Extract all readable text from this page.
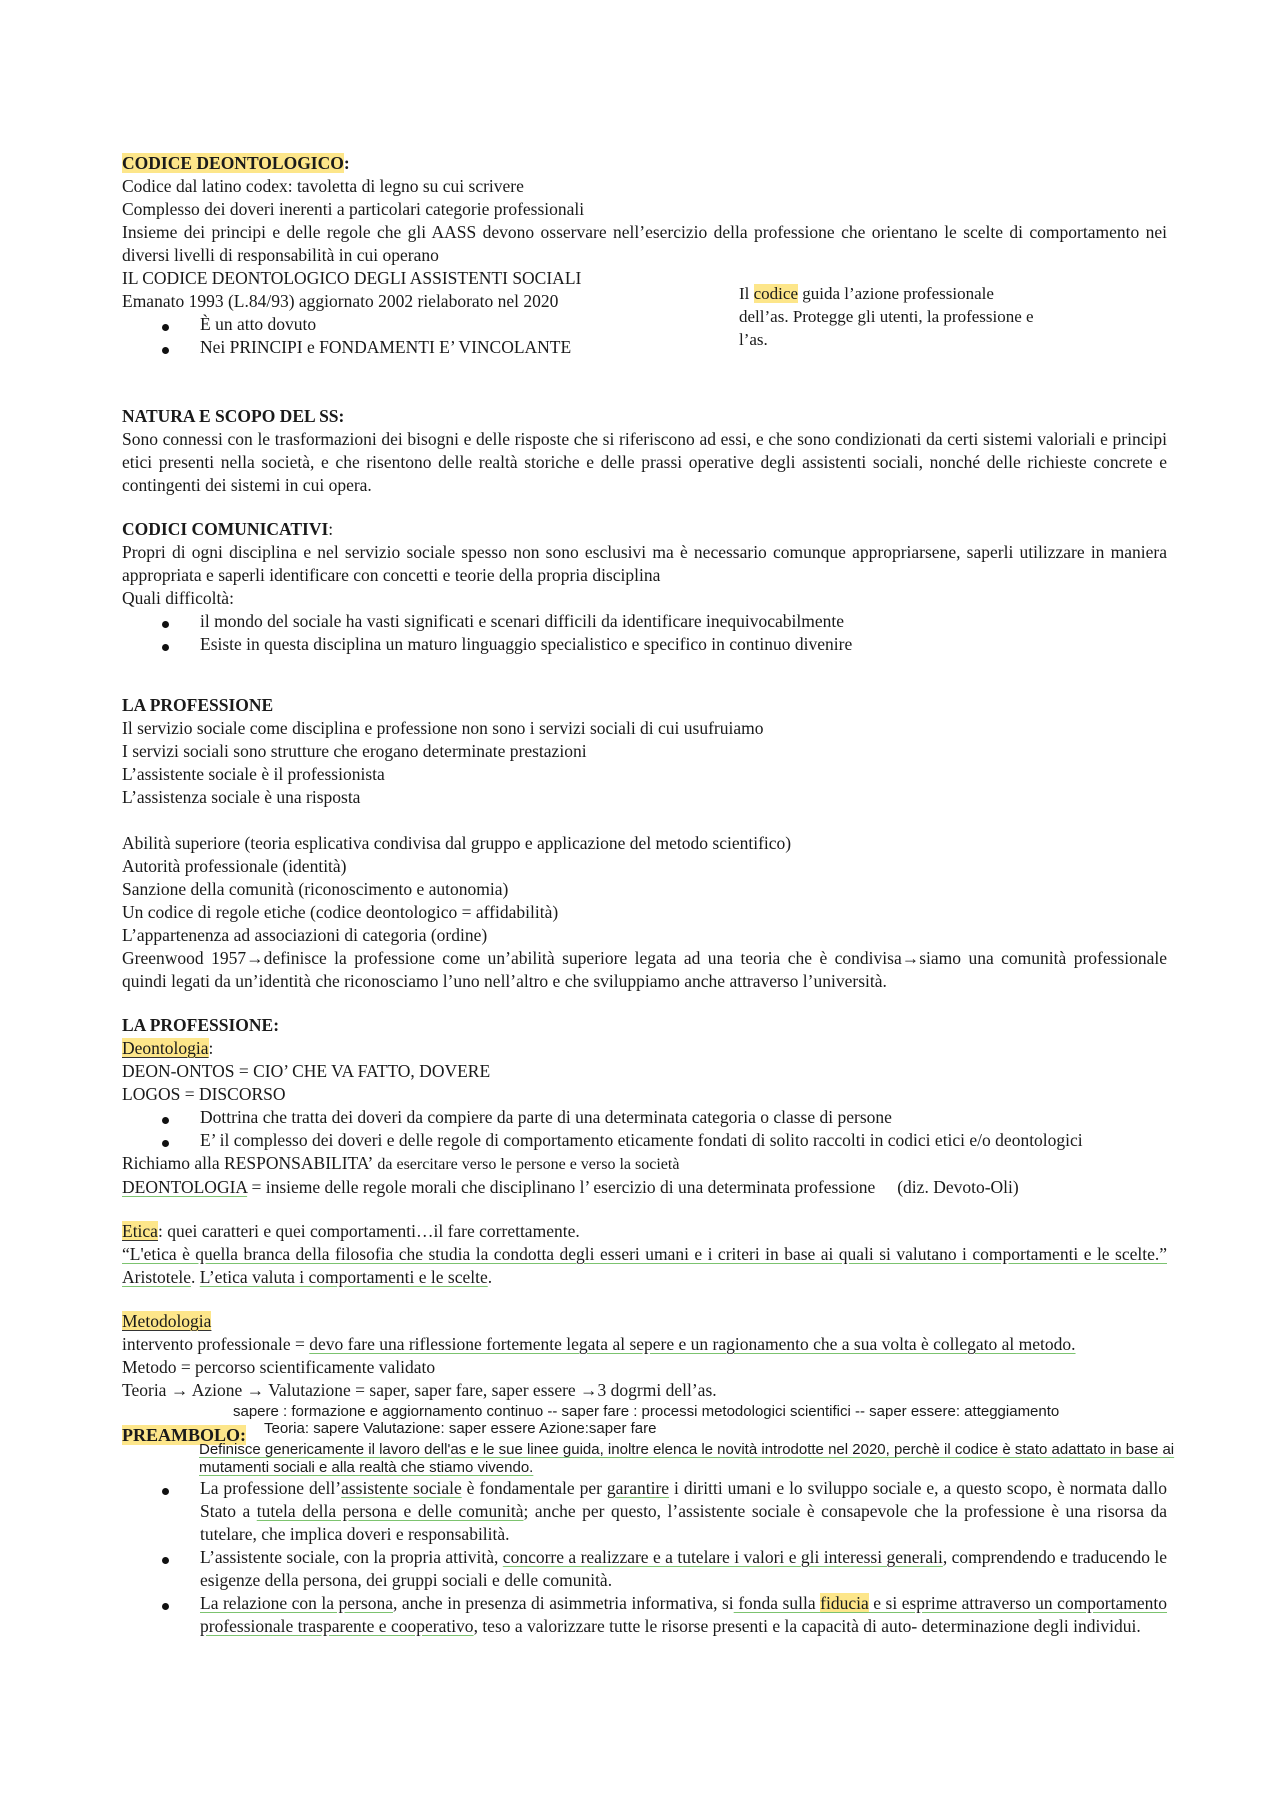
CODICE DEONTOLOGICO:
Codice dal latino codex: tavoletta di legno su cui scrivere
Complesso dei doveri inerenti a particolari categorie professionali
Insieme dei principi e delle regole che gli AASS devono osservare nell’esercizio della professione che orientano le scelte di comportamento nei diversi livelli di responsabilità in cui operano
IL CODICE DEONTOLOGICO DEGLI ASSISTENTI SOCIALI
Emanato 1993 (L.84/93) aggiornato 2002 rielaborato nel 2020
È un atto dovuto
Nei PRINCIPI e FONDAMENTI E’ VINCOLANTE
Il codice guida l’azione professionale dell’as. Protegge gli utenti, la professione e l’as.
NATURA E SCOPO DEL SS:
Sono connessi con le trasformazioni dei bisogni e delle risposte che si riferiscono ad essi, e che sono condizionati da certi sistemi valoriali e principi etici presenti nella società, e che risentono delle realtà storiche e delle prassi operative degli assistenti sociali, nonché delle richieste concrete e contingenti dei sistemi in cui opera.
CODICI COMUNICATIVI:
Propri di ogni disciplina e nel servizio sociale spesso non sono esclusivi ma è necessario comunque appropriarsene, saperli utilizzare in maniera appropriata e saperli identificare con concetti e teorie della propria disciplina
Quali difficoltà:
il mondo del sociale ha vasti significati e scenari difficili da identificare inequivocabilmente
Esiste in questa disciplina un maturo linguaggio specialistico e specifico in continuo divenire
LA PROFESSIONE
Il servizio sociale come disciplina e professione non sono i servizi sociali di cui usufruiamo
I servizi sociali sono strutture che erogano determinate prestazioni
L’assistente sociale è il professionista
L’assistenza sociale è una risposta
Abilità superiore (teoria esplicativa condivisa dal gruppo e applicazione del metodo scientifico)
Autorità professionale (identità)
Sanzione della comunità (riconoscimento e autonomia)
Un codice di regole etiche (codice deontologico = affidabilità)
L’appartenenza ad associazioni di categoria (ordine)
Greenwood 1957→definisce la professione come un’abilità superiore legata ad una teoria che è condivisa→siamo una comunità professionale quindi legati da un’identità che riconosciamo l’uno nell’altro e che sviluppiamo anche attraverso l’università.
LA PROFESSIONE:
Deontologia:
DEON-ONTOS = CIO’ CHE VA FATTO, DOVERE
LOGOS = DISCORSO
Dottrina che tratta dei doveri da compiere da parte di una determinata categoria o classe di persone
E’ il complesso dei doveri e delle regole di comportamento eticamente fondati di solito raccolti in codici etici e/o deontologici
Richiamo alla RESPONSABILITA’ da esercitare verso le persone e verso la società
DEONTOLOGIA = insieme delle regole morali che disciplinano l’ esercizio di una determinata professione (diz. Devoto-Oli)
Etica: quei caratteri e quei comportamenti…il fare correttamente.
“L'etica è quella branca della filosofia che studia la condotta degli esseri umani e i criteri in base ai quali si valutano i comportamenti e le scelte.” Aristotele. L’etica valuta i comportamenti e le scelte.
Metodologia
intervento professionale = devo fare una riflessione fortemente legata al sepere e un ragionamento che a sua volta è collegato al metodo.
Metodo = percorso scientificamente validato
Teoria → Azione → Valutazione = saper, saper fare, saper essere →3 dogrmi dell’as.
sapere : formazione e aggiornamento continuo -- saper fare : processi metodologici scientifici -- saper essere: atteggiamento
Teoria: sapere Valutazione: saper essere Azione:saper fare
PREAMBOLO:
Definisce genericamente il lavoro dell'as e le sue linee guida, inoltre elenca le novità introdotte nel 2020, perchè il codice è stato adattato in base ai mutamenti sociali e alla realtà che stiamo vivendo.
La professione dell’assistente sociale è fondamentale per garantire i diritti umani e lo sviluppo sociale e, a questo scopo, è normata dallo Stato a tutela della persona e delle comunità; anche per questo, l’assistente sociale è consapevole che la professione è una risorsa da tutelare, che implica doveri e responsabilità.
L’assistente sociale, con la propria attività, concorre a realizzare e a tutelare i valori e gli interessi generali, comprendendo e traducendo le esigenze della persona, dei gruppi sociali e delle comunità.
La relazione con la persona, anche in presenza di asimmetria informativa, si fonda sulla fiducia e si esprime attraverso un comportamento professionale trasparente e cooperativo, teso a valorizzare tutte le risorse presenti e la capacità di auto- determinazione degli individui.
